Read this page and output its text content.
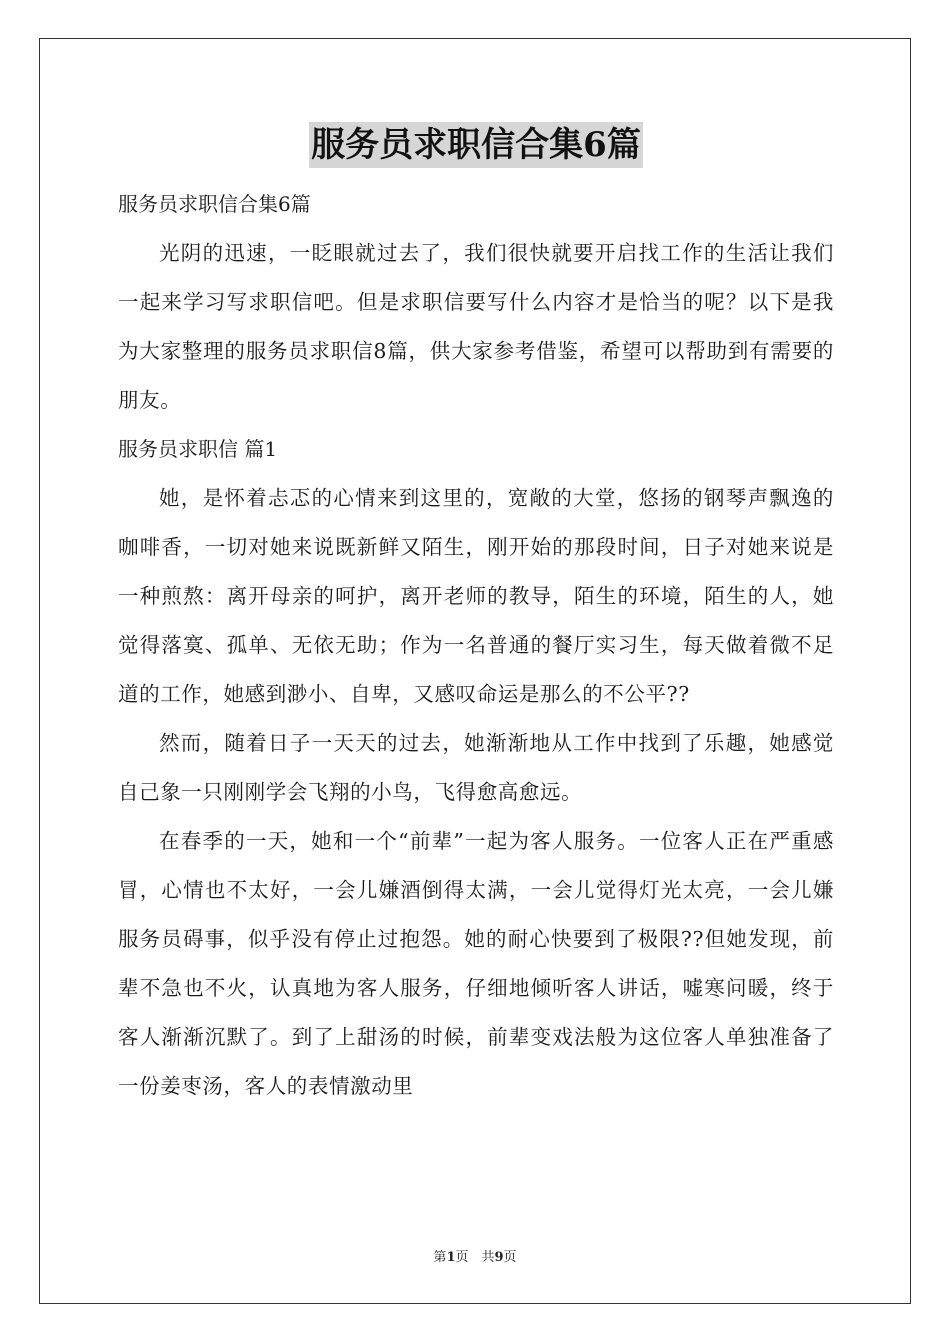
服务员求职信合集6篇

服务员求职信合集6篇

光阴的迅速，一眨眼就过去了，我们很快就要开启找工作的生活让我们一起来学习写求职信吧。但是求职信要写什么内容才是恰当的呢？以下是我为大家整理的服务员求职信8篇，供大家参考借鉴，希望可以帮助到有需要的朋友。

服务员求职信 篇1

她，是怀着忐忑的心情来到这里的，宽敞的大堂，悠扬的钢琴声飘逸的咖啡香，一切对她来说既新鲜又陌生，刚开始的那段时间，日子对她来说是一种煎熬：离开母亲的呵护，离开老师的教导，陌生的环境，陌生的人，她觉得落寞、孤单、无依无助；作为一名普通的餐厅实习生，每天做着微不足道的工作，她感到渺小、自卑，又感叹命运是那么的不公平??

然而，随着日子一天天的过去，她渐渐地从工作中找到了乐趣，她感觉自己象一只刚刚学会飞翔的小鸟，飞得愈高愈远。

在春季的一天，她和一个“前辈”一起为客人服务。一位客人正在严重感冒，心情也不太好，一会儿嫌酒倒得太满，一会儿觉得灯光太亮，一会儿嫌服务员碍事，似乎没有停止过抱怨。她的耐心快要到了极限??但她发现，前辈不急也不火，认真地为客人服务，仔细地倾听客人讲话，嘘寒问暖，终于客人渐渐沉默了。到了上甜汤的时候，前辈变戏法般为这位客人单独准备了一份姜枣汤，客人的表情激动里

第1页　共9页
